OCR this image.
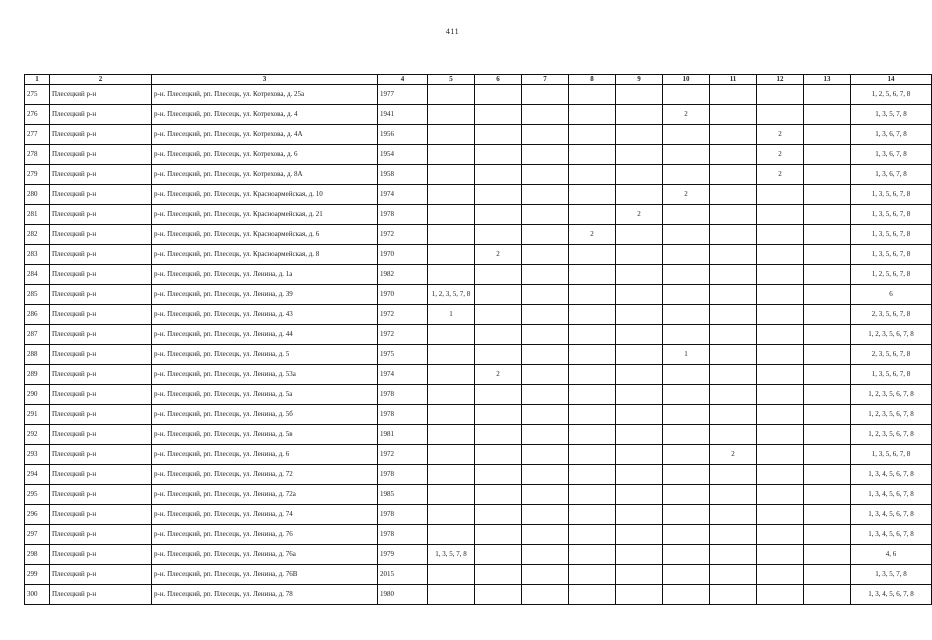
411
1	2	3	4	5	6	7	8	9	10	11	12	13	14
275	Плесецкий р-н	р-н. Плесецкий, рп. Плесецк, ул. Котрехова, д. 25а	1977										1, 2, 5, 6, 7, 8
276	Плесецкий р-н	р-н. Плесецкий, рп. Плесецк, ул. Котрехова, д. 4	1941						2				1, 3, 5, 7, 8
277	Плесецкий р-н	р-н. Плесецкий, рп. Плесецк, ул. Котрехова, д. 4А	1956								2		1, 3, 6, 7, 8
278	Плесецкий р-н	р-н. Плесецкий, рп. Плесецк, ул. Котрехова, д. 6	1954								2		1, 3, 6, 7, 8
279	Плесецкий р-н	р-н. Плесецкий, рп. Плесецк, ул. Котрехова, д. 8А	1958								2		1, 3, 6, 7, 8
280	Плесецкий р-н	р-н. Плесецкий, рп. Плесецк, ул. Красноармейская, д. 10	1974						2				1, 3, 5, 6, 7, 8
281	Плесецкий р-н	р-н. Плесецкий, рп. Плесецк, ул. Красноармейская, д. 21	1978					2					1, 3, 5, 6, 7, 8
282	Плесецкий р-н	р-н. Плесецкий, рп. Плесецк, ул. Красноармейская, д. 6	1972				2						1, 3, 5, 6, 7, 8
283	Плесецкий р-н	р-н. Плесецкий, рп. Плесецк, ул. Красноармейская, д. 8	1970		2								1, 3, 5, 6, 7, 8
284	Плесецкий р-н	р-н. Плесецкий, рп. Плесецк, ул. Ленина, д. 1а	1982										1, 2, 5, 6, 7, 8
285	Плесецкий р-н	р-н. Плесецкий, рп. Плесецк, ул. Ленина, д. 39	1970	1, 2, 3, 5, 7, 8									6
286	Плесецкий р-н	р-н. Плесецкий, рп. Плесецк, ул. Ленина, д. 43	1972	1									2, 3, 5, 6, 7, 8
287	Плесецкий р-н	р-н. Плесецкий, рп. Плесецк, ул. Ленина, д. 44	1972										1, 2, 3, 5, 6, 7, 8
288	Плесецкий р-н	р-н. Плесецкий, рп. Плесецк, ул. Ленина, д. 5	1975						1				2, 3, 5, 6, 7, 8
289	Плесецкий р-н	р-н. Плесецкий, рп. Плесецк, ул. Ленина, д. 53а	1974		2								1, 3, 5, 6, 7, 8
290	Плесецкий р-н	р-н. Плесецкий, рп. Плесецк, ул. Ленина, д. 5а	1978										1, 2, 3, 5, 6, 7, 8
291	Плесецкий р-н	р-н. Плесецкий, рп. Плесецк, ул. Ленина, д. 5б	1978										1, 2, 3, 5, 6, 7, 8
292	Плесецкий р-н	р-н. Плесецкий, рп. Плесецк, ул. Ленина, д. 5в	1981										1, 2, 3, 5, 6, 7, 8
293	Плесецкий р-н	р-н. Плесецкий, рп. Плесецк, ул. Ленина, д. 6	1972							2			1, 3, 5, 6, 7, 8
294	Плесецкий р-н	р-н. Плесецкий, рп. Плесецк, ул. Ленина, д. 72	1978										1, 3, 4, 5, 6, 7, 8
295	Плесецкий р-н	р-н. Плесецкий, рп. Плесецк, ул. Ленина, д. 72а	1985										1, 3, 4, 5, 6, 7, 8
296	Плесецкий р-н	р-н. Плесецкий, рп. Плесецк, ул. Ленина, д. 74	1978										1, 3, 4, 5, 6, 7, 8
297	Плесецкий р-н	р-н. Плесецкий, рп. Плесецк, ул. Ленина, д. 76	1978										1, 3, 4, 5, 6, 7, 8
298	Плесецкий р-н	р-н. Плесецкий, рп. Плесецк, ул. Ленина, д. 76а	1979	1, 3, 5, 7, 8									4, 6
299	Плесецкий р-н	р-н. Плесецкий, рп. Плесецк, ул. Ленина, д. 76В	2015										1, 3, 5, 7, 8
300	Плесецкий р-н	р-н. Плесецкий, рп. Плесецк, ул. Ленина, д. 78	1980										1, 3, 4, 5, 6, 7, 8
